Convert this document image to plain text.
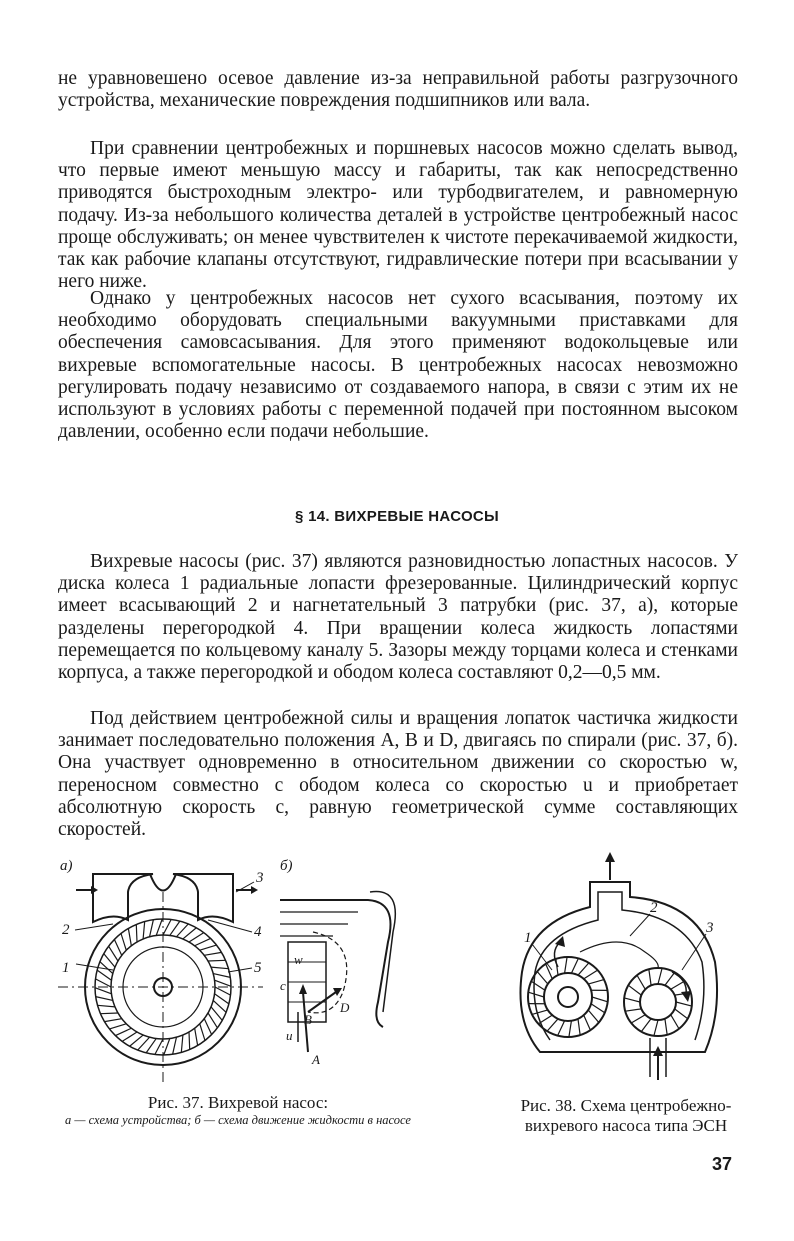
не уравновешено осевое давление из-за неправильной работы разгрузочного устройства, механические повреждения подшипников или вала.

При сравнении центробежных и поршневых насосов можно сделать вывод, что первые имеют меньшую массу и габариты, так как непосредственно приводятся быстроходным электро- или турбодвигателем, и равномерную подачу. Из-за небольшого количества деталей в устройстве центробежный насос проще обслуживать; он менее чувствителен к чистоте перекачиваемой жидкости, так как рабочие клапаны отсутствуют, гидравлические потери при всасывании у него ниже.

Однако у центробежных насосов нет сухого всасывания, поэтому их необходимо оборудовать специальными вакуумными приставками для обеспечения самовсасывания. Для этого применяют водокольцевые или вихревые вспомогательные насосы. В центробежных насосах невозможно регулировать подачу независимо от создаваемого напора, в связи с этим их не используют в условиях работы с переменной подачей при постоянном высоком давлении, особенно если подачи небольшие.

§ 14. ВИХРЕВЫЕ НАСОСЫ

Вихревые насосы (рис. 37) являются разновидностью лопастных насосов. У диска колеса 1 радиальные лопасти фрезерованные. Цилиндрический корпус имеет всасывающий 2 и нагнетательный 3 патрубки (рис. 37, а), которые разделены перегородкой 4. При вращении колеса жидкость лопастями перемещается по кольцевому каналу 5. Зазоры между торцами колеса и стенками корпуса, а также перегородкой и ободом колеса составляют 0,2—0,5 мм.

Под действием центробежной силы и вращения лопаток частичка жидкости занимает последовательно положения A, B и D, двигаясь по спирали (рис. 37, б). Она участвует одновременно в относительном движении со скоростью w, переносном совместно с ободом колеса со скоростью u и приобретает абсолютную скорость c, равную геометрической сумме составляющих скоростей.

а)	б)
1
2
3
4
5
w
c
u
B
D
A
Рис. 37. Вихревой насос:
а — схема устройства; б — схема движение жидкости в насосе
1
2
3
Рис. 38. Схема центробежно-вихревого насоса типа ЭСН
37
